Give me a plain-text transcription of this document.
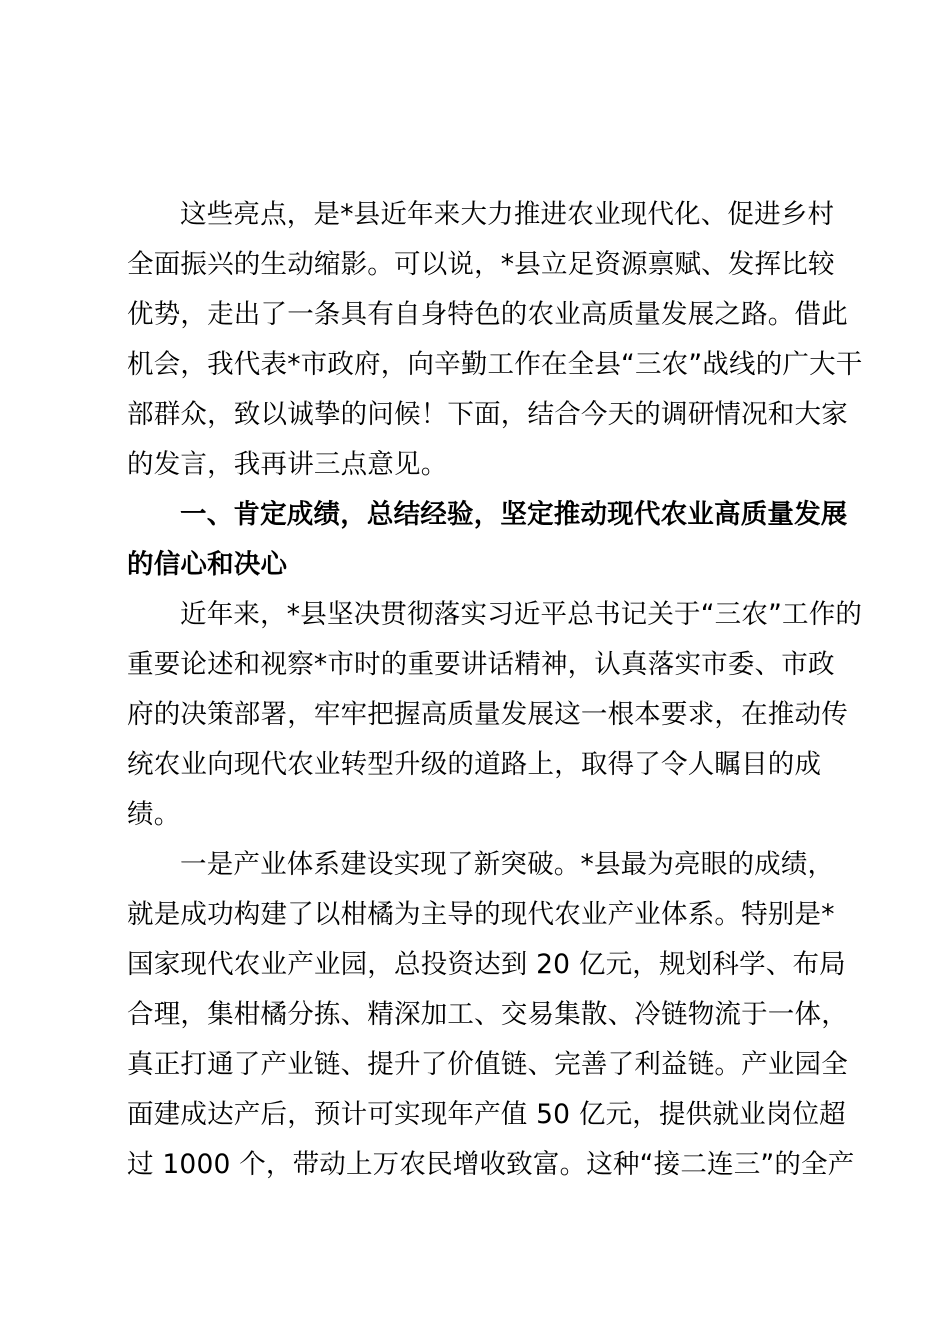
这些亮点，是*县近年来大力推进农业现代化、促进乡村
全面振兴的生动缩影。可以说，*县立足资源禀赋、发挥比较
优势，走出了一条具有自身特色的农业高质量发展之路。借此
机会，我代表*市政府，向辛勤工作在全县“三农”战线的广大干
部群众，致以诚挚的问候！下面，结合今天的调研情况和大家
的发言，我再讲三点意见。
一、肯定成绩，总结经验，坚定推动现代农业高质量发展
的信心和决心
近年来，*县坚决贯彻落实习近平总书记关于“三农”工作的
重要论述和视察*市时的重要讲话精神，认真落实市委、市政
府的决策部署，牢牢把握高质量发展这一根本要求，在推动传
统农业向现代农业转型升级的道路上，取得了令人瞩目的成
绩。
一是产业体系建设实现了新突破。*县最为亮眼的成绩，
就是成功构建了以柑橘为主导的现代农业产业体系。特别是*
国家现代农业产业园，总投资达到 20 亿元，规划科学、布局
合理，集柑橘分拣、精深加工、交易集散、冷链物流于一体，
真正打通了产业链、提升了价值链、完善了利益链。产业园全
面建成达产后，预计可实现年产值 50 亿元，提供就业岗位超
过 1000 个，带动上万农民增收致富。这种“接二连三”的全产
